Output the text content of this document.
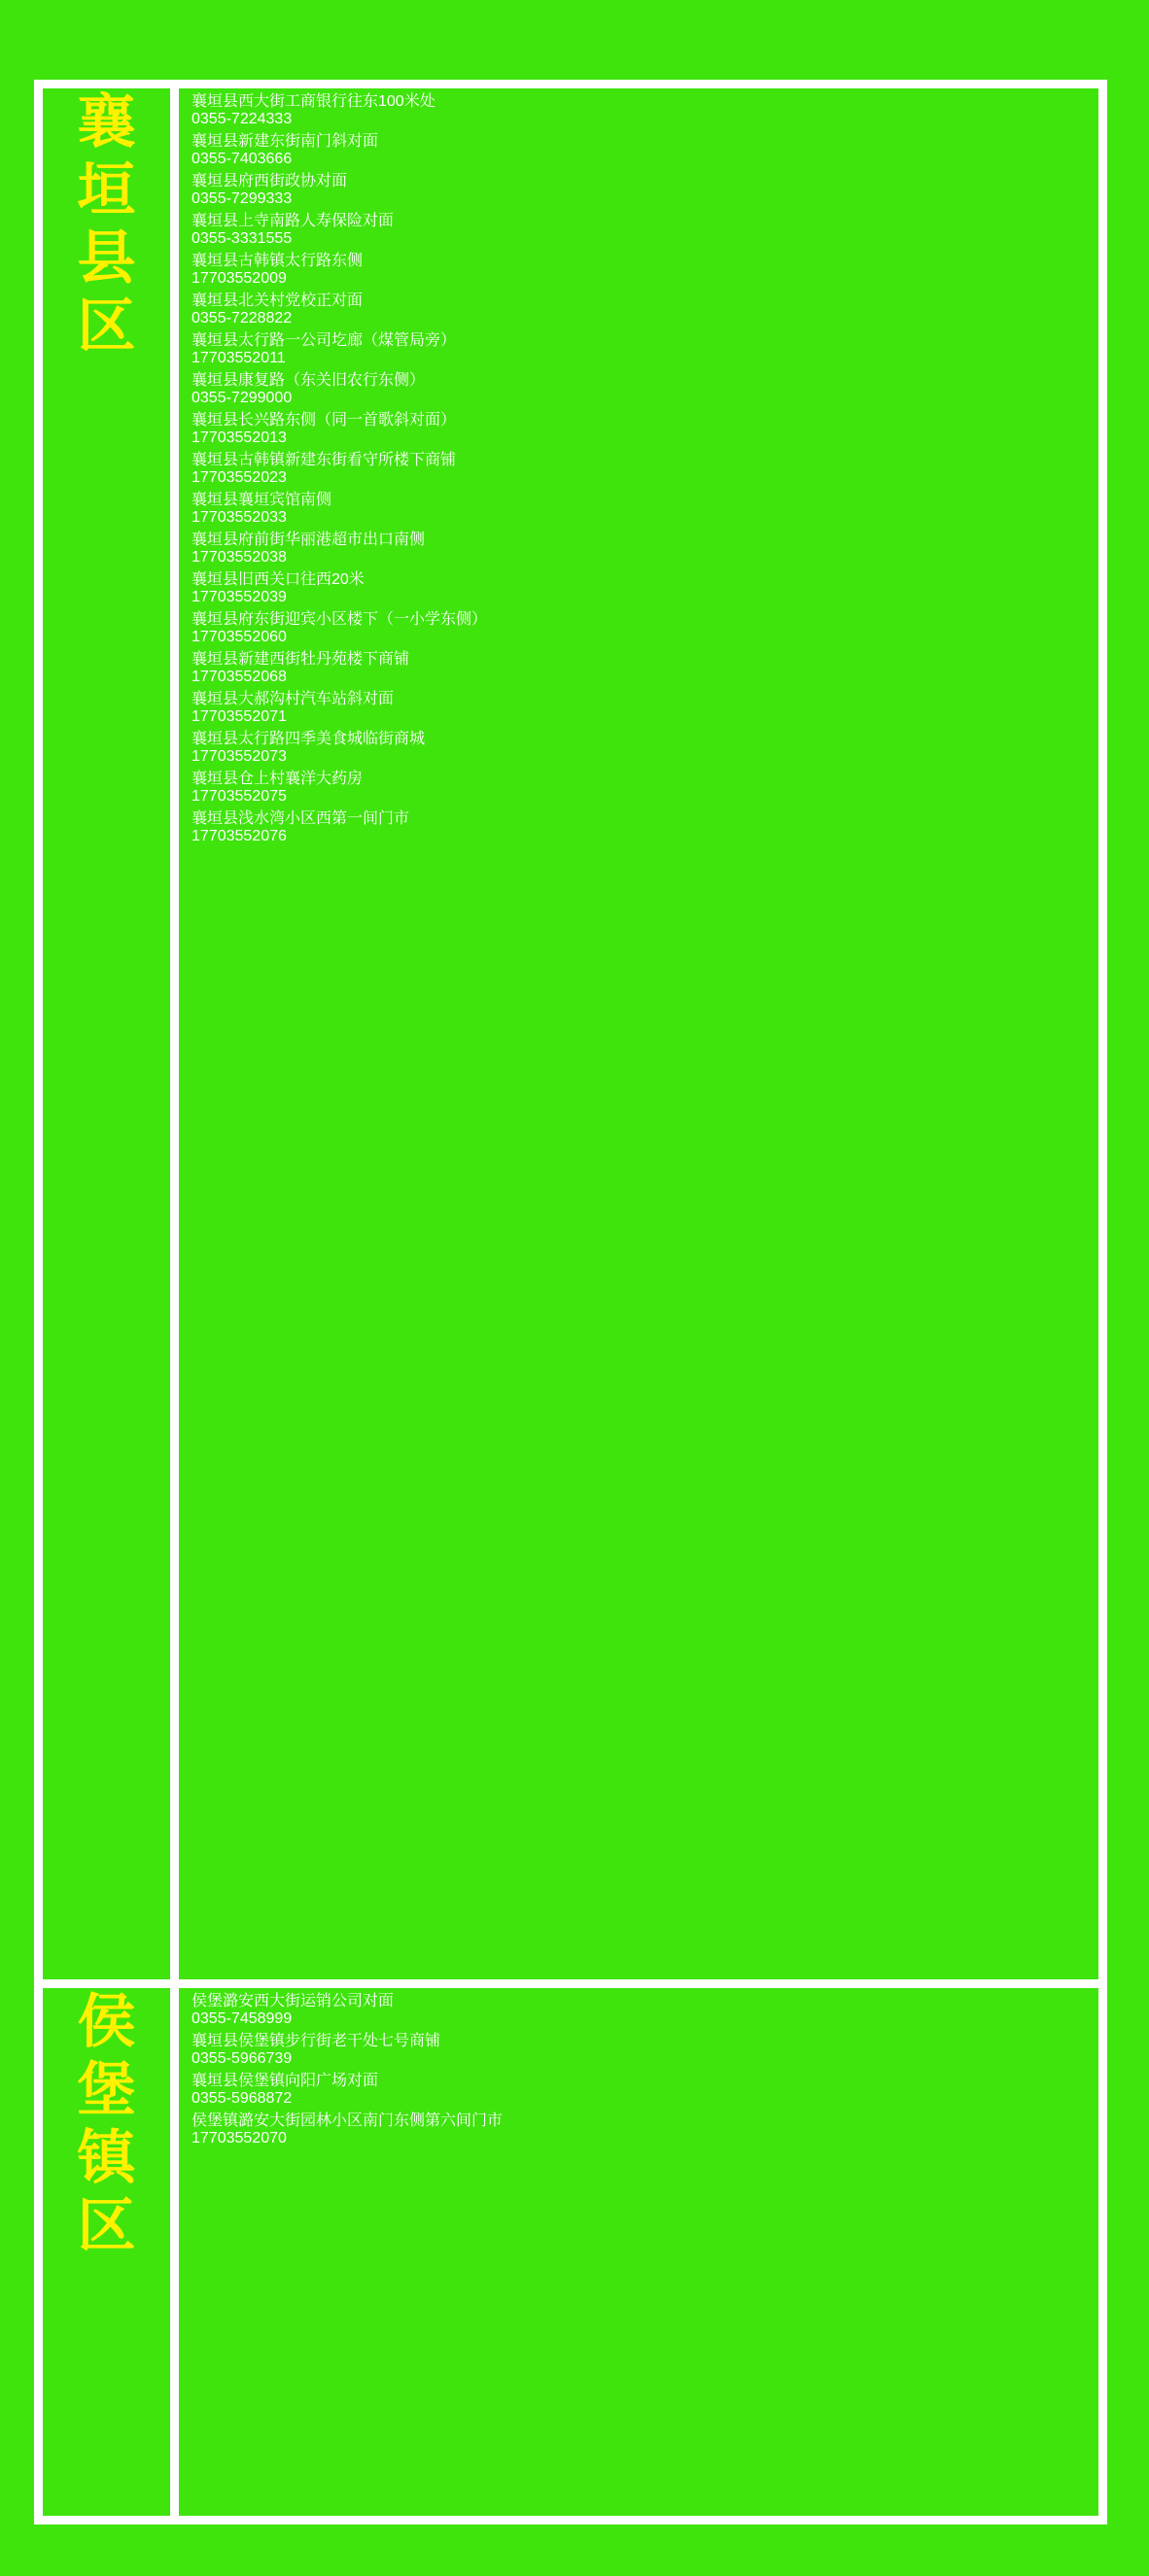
襄
垣
县
区
襄垣县西大街工商银行往东100米处
0355-7224333
襄垣县新建东街南门斜对面
0355-7403666
襄垣县府西街政协对面
0355-7299333
襄垣县上寺南路人寿保险对面
0355-3331555
襄垣县古韩镇太行路东侧
17703552009
襄垣县北关村党校正对面
0355-7228822
襄垣县太行路一公司圪廊（煤管局旁）
17703552011
襄垣县康复路（东关旧农行东侧）
0355-7299000
襄垣县长兴路东侧（同一首歌斜对面）
17703552013
襄垣县古韩镇新建东街看守所楼下商铺
17703552023
襄垣县襄垣宾馆南侧
17703552033
襄垣县府前街华丽港超市出口南侧
17703552038
襄垣县旧西关口往西20米
17703552039
襄垣县府东街迎宾小区楼下（一小学东侧）
17703552060
襄垣县新建西街牡丹苑楼下商铺
17703552068
襄垣县大郝沟村汽车站斜对面
17703552071
襄垣县太行路四季美食城临街商城
17703552073
襄垣县仓上村襄洋大药房
17703552075
襄垣县浅水湾小区西第一间门市
17703552076
侯
堡
镇
区
侯堡潞安西大街运销公司对面
0355-7458999
襄垣县侯堡镇步行街老干处七号商铺
0355-5966739
襄垣县侯堡镇向阳广场对面
0355-5968872
侯堡镇潞安大街园林小区南门东侧第六间门市
17703552070
